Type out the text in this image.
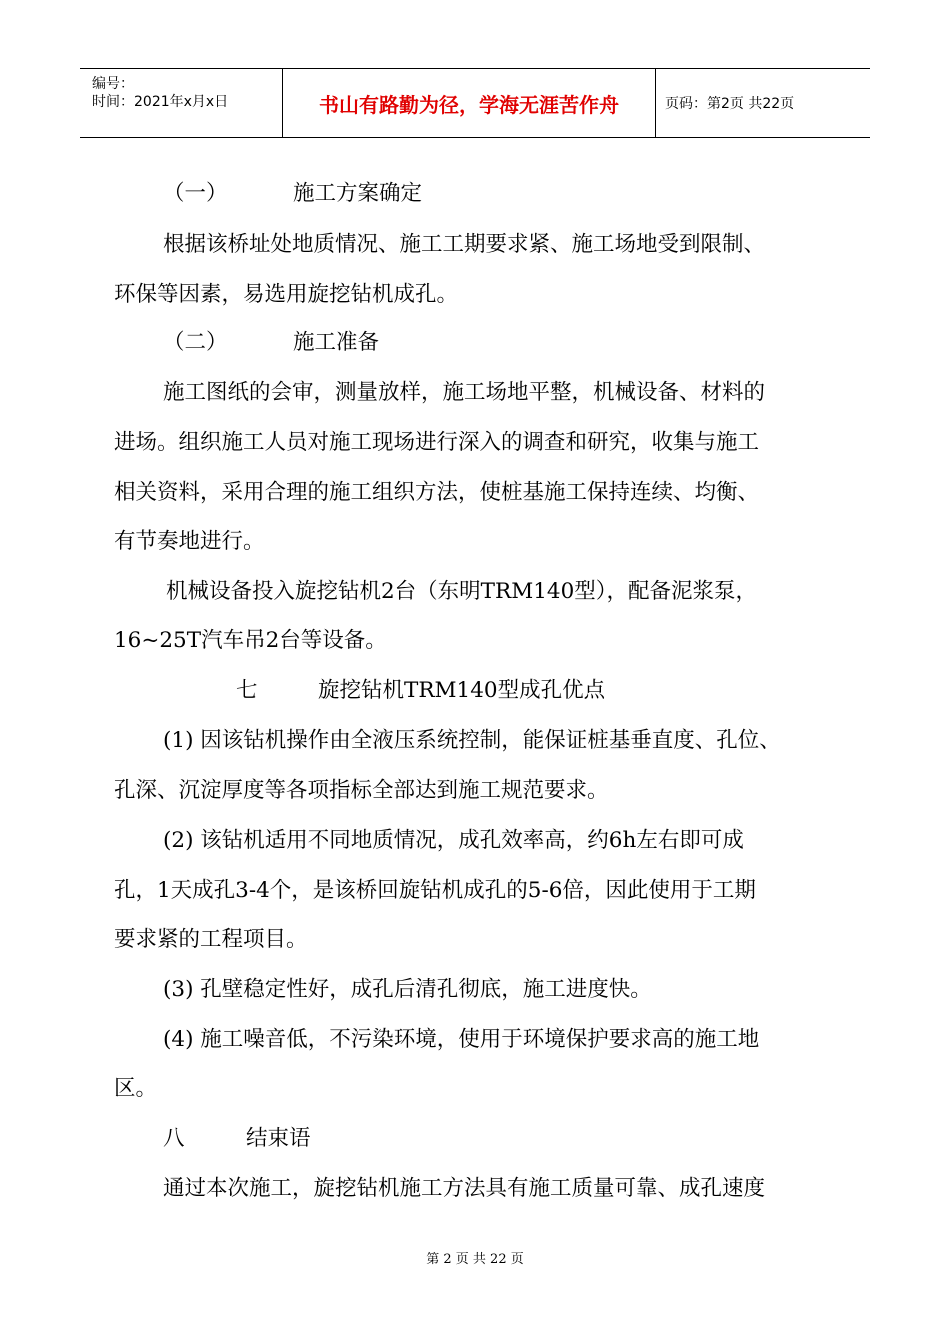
编号：
时间：2021年x月x日	书山有路勤为径，学海无涯苦作舟	页码：第2页 共22页
（一）	施工方案确定
根据该桥址处地质情况、施工工期要求紧、施工场地受到限制、
环保等因素，易选用旋挖钻机成孔。
（二）	施工准备
施工图纸的会审，测量放样，施工场地平整，机械设备、材料的
进场。组织施工人员对施工现场进行深入的调查和研究，收集与施工
相关资料，采用合理的施工组织方法，使桩基施工保持连续、均衡、
有节奏地进行。
机械设备投入旋挖钻机2台（东明TRM140型），配备泥浆泵，
16~25T汽车吊2台等设备。
七	旋挖钻机TRM140型成孔优点
(1) 因该钻机操作由全液压系统控制，能保证桩基垂直度、孔位、
孔深、沉淀厚度等各项指标全部达到施工规范要求。
(2) 该钻机适用不同地质情况，成孔效率高，约6h左右即可成
孔，1天成孔3-4个，是该桥回旋钻机成孔的5-6倍，因此使用于工期
要求紧的工程项目。
(3) 孔壁稳定性好，成孔后清孔彻底，施工进度快。
(4) 施工噪音低，不污染环境，使用于环境保护要求高的施工地
区。
八	结束语
通过本次施工，旋挖钻机施工方法具有施工质量可靠、成孔速度
第 2 页 共 22 页
